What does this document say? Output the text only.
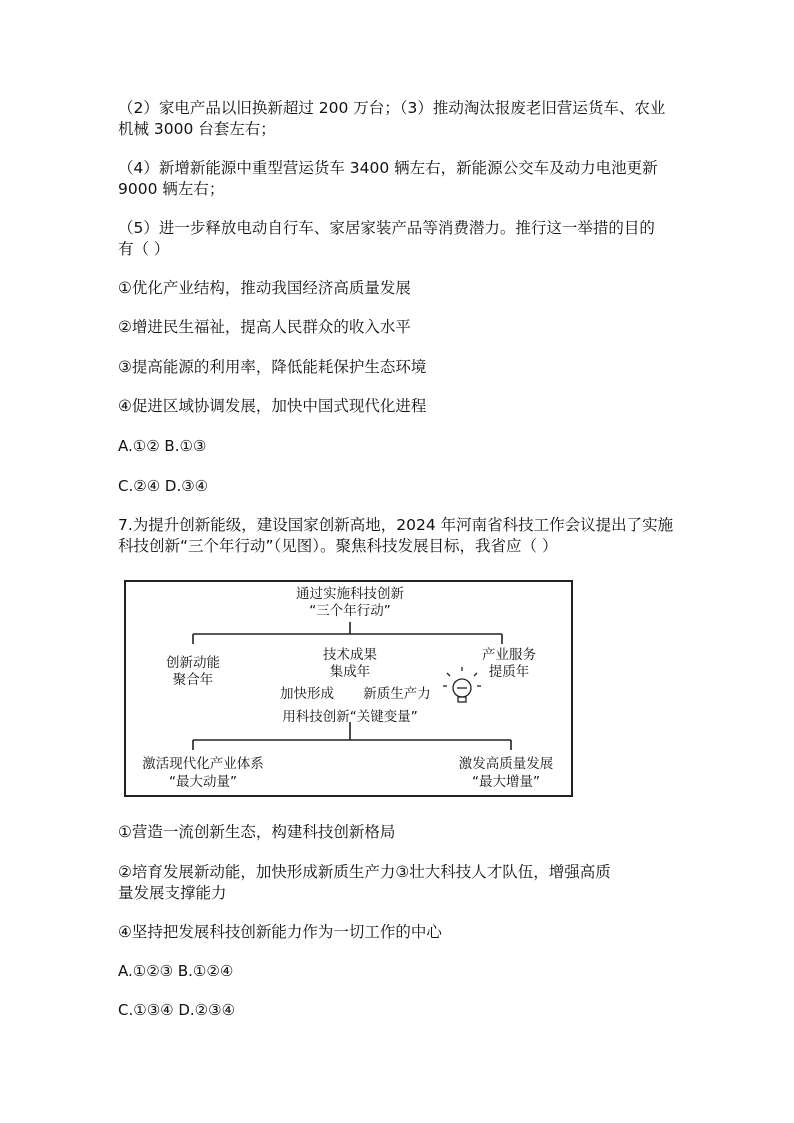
（2）家电产品以旧换新超过 200 万台；（3）推动淘汰报废老旧营运货车、农业
机械 3000 台套左右；
（4）新增新能源中重型营运货车 3400 辆左右，新能源公交车及动力电池更新
9000 辆左右；
（5）进一步释放电动自行车、家居家装产品等消费潜力。推行这一举措的目的
有（ ）
①优化产业结构，推动我国经济高质量发展
②增进民生福祉，提高人民群众的收入水平
③提高能源的利用率，降低能耗保护生态环境
④促进区域协调发展，加快中国式现代化进程
A.①② B.①③
C.②④ D.③④
7.为提升创新能级，建设国家创新高地，2024 年河南省科技工作会议提出了实施
科技创新“三个年行动”（见图）。聚焦科技发展目标，我省应（ ）
通过实施科技创新
“三个年行动”
创新动能
聚合年
技术成果
集成年
产业服务
提质年
加快形成	新质生产力
用科技创新“关键变量”
激活现代化产业体系
“最大动量”
激发高质量发展
“最大增量”
①营造一流创新生态，构建科技创新格局
②培育发展新动能，加快形成新质生产力③壮大科技人才队伍，增强高质
量发展支撑能力
④坚持把发展科技创新能力作为一切工作的中心
A.①②③ B.①②④
C.①③④ D.②③④
